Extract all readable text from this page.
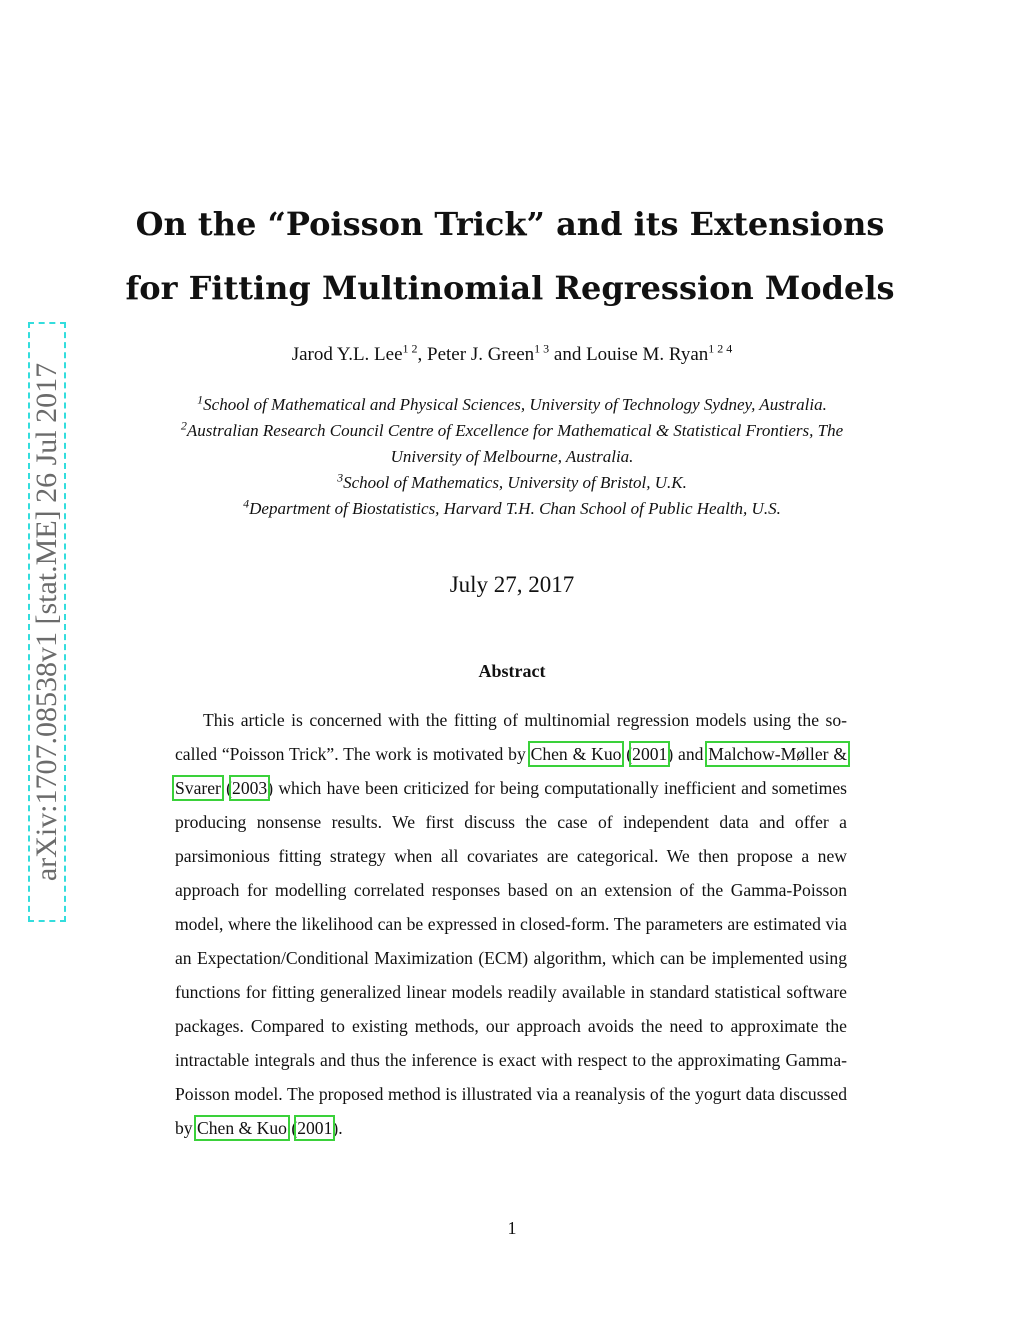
arXiv:1707.08538v1 [stat.ME] 26 Jul 2017
On the “Poisson Trick” and its Extensions
for Fitting Multinomial Regression Models
Jarod Y.L. Lee$^{1 2}$, Peter J. Green$^{1 3}$ and Louise M. Ryan$^{1 2 4}$
$^1$School of Mathematical and Physical Sciences, University of Technology Sydney, Australia.
$^2$Australian Research Council Centre of Excellence for Mathematical & Statistical Frontiers, The
University of Melbourne, Australia.
$^3$School of Mathematics, University of Bristol, U.K.
$^4$Department of Biostatistics, Harvard T.H. Chan School of Public Health, U.S.
July 27, 2017
Abstract

This article is concerned with the fitting of multinomial regression models using the so-called “Poisson Trick”. The work is motivated by Chen & Kuo (2001) and Malchow-Møller & Svarer (2003) which have been criticized for being computationally inefficient and sometimes producing nonsense results. We first discuss the case of independent data and offer a parsimonious fitting strategy when all covariates are categorical. We then propose a new approach for modelling correlated responses based on an extension of the Gamma-Poisson model, where the likelihood can be expressed in closed-form. The parameters are estimated via an Expectation/Conditional Maximization (ECM) algorithm, which can be implemented using functions for fitting generalized linear models readily available in standard statistical software packages. Compared to existing methods, our approach avoids the need to approximate the intractable integrals and thus the inference is exact with respect to the approximating Gamma-Poisson model. The proposed method is illustrated via a reanalysis of the yogurt data discussed by Chen & Kuo (2001).

1
